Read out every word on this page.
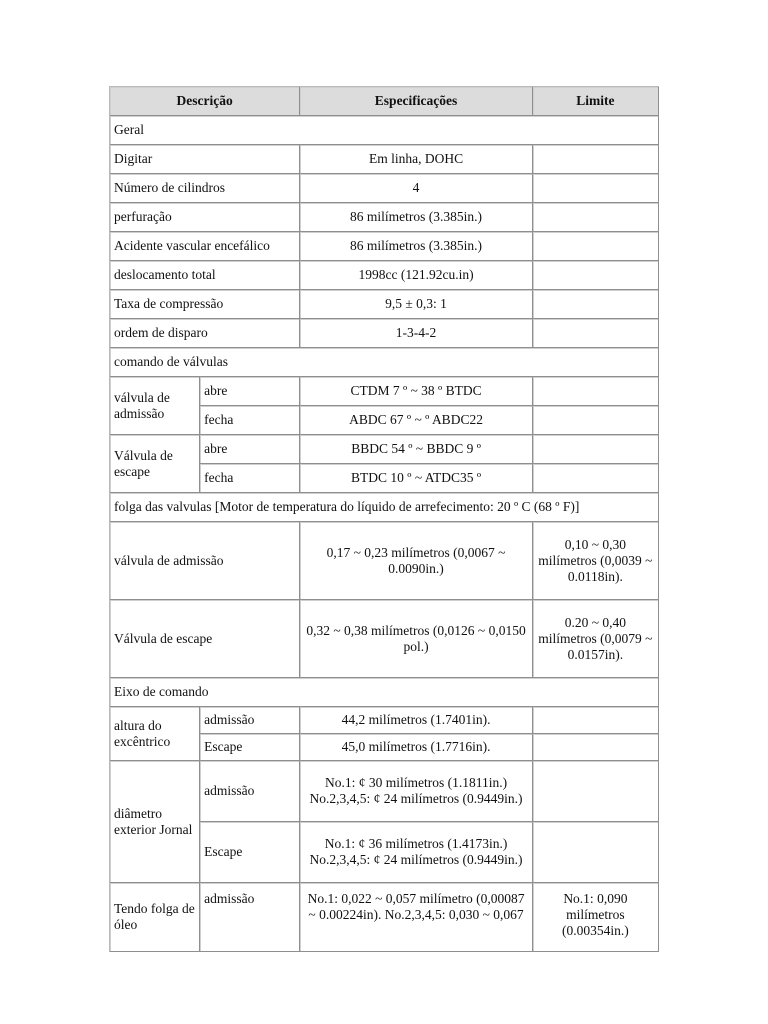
Descrição		Especificações	Limite
Geral			
Digitar		Em linha, DOHC	
Número de cilindros		4	
perfuração		86 milímetros (3.385in.)	
Acidente vascular encefálico		86 milímetros (3.385in.)	
deslocamento total		1998cc (121.92cu.in)	
Taxa de compressão		9,5 ± 0,3: 1	
ordem de disparo		1-3-4-2	
comando de válvulas			
válvula de admissão	abre	CTDM 7 º ~ 38 º BTDC	
	fecha	ABDC 67 º ~ º ABDC22	
Válvula de escape	abre	BBDC 54 º ~ BBDC 9 º	
	fecha	BTDC 10 º ~ ATDC35 º	
folga das valvulas [Motor de temperatura do líquido de arrefecimento: 20 º C (68 º F)]			
válvula de admissão		0,17 ~ 0,23 milímetros (0,0067 ~ 0.0090in.)	0,10 ~ 0,30 milímetros (0,0039 ~ 0.0118in).
Válvula de escape		0,32 ~ 0,38 milímetros (0,0126 ~ 0,0150 pol.)	0.20 ~ 0,40 milímetros (0,0079 ~ 0.0157in).
Eixo de comando			
altura do excêntrico	admissão	44,2 milímetros (1.7401in).	
	Escape	45,0 milímetros (1.7716in).	
diâmetro exterior Jornal	admissão	No.1: ¢ 30 milímetros (1.1811in.) No.2,3,4,5: ¢ 24 milímetros (0.9449in.)	
	Escape	No.1: ¢ 36 milímetros (1.4173in.) No.2,3,4,5: ¢ 24 milímetros (0.9449in.)	
Tendo folga de óleo	admissão	No.1: 0,022 ~ 0,057 milímetro (0,00087 ~ 0.00224in). No.2,3,4,5: 0,030 ~ 0,067	No.1: 0,090 milímetros (0.00354in.)
